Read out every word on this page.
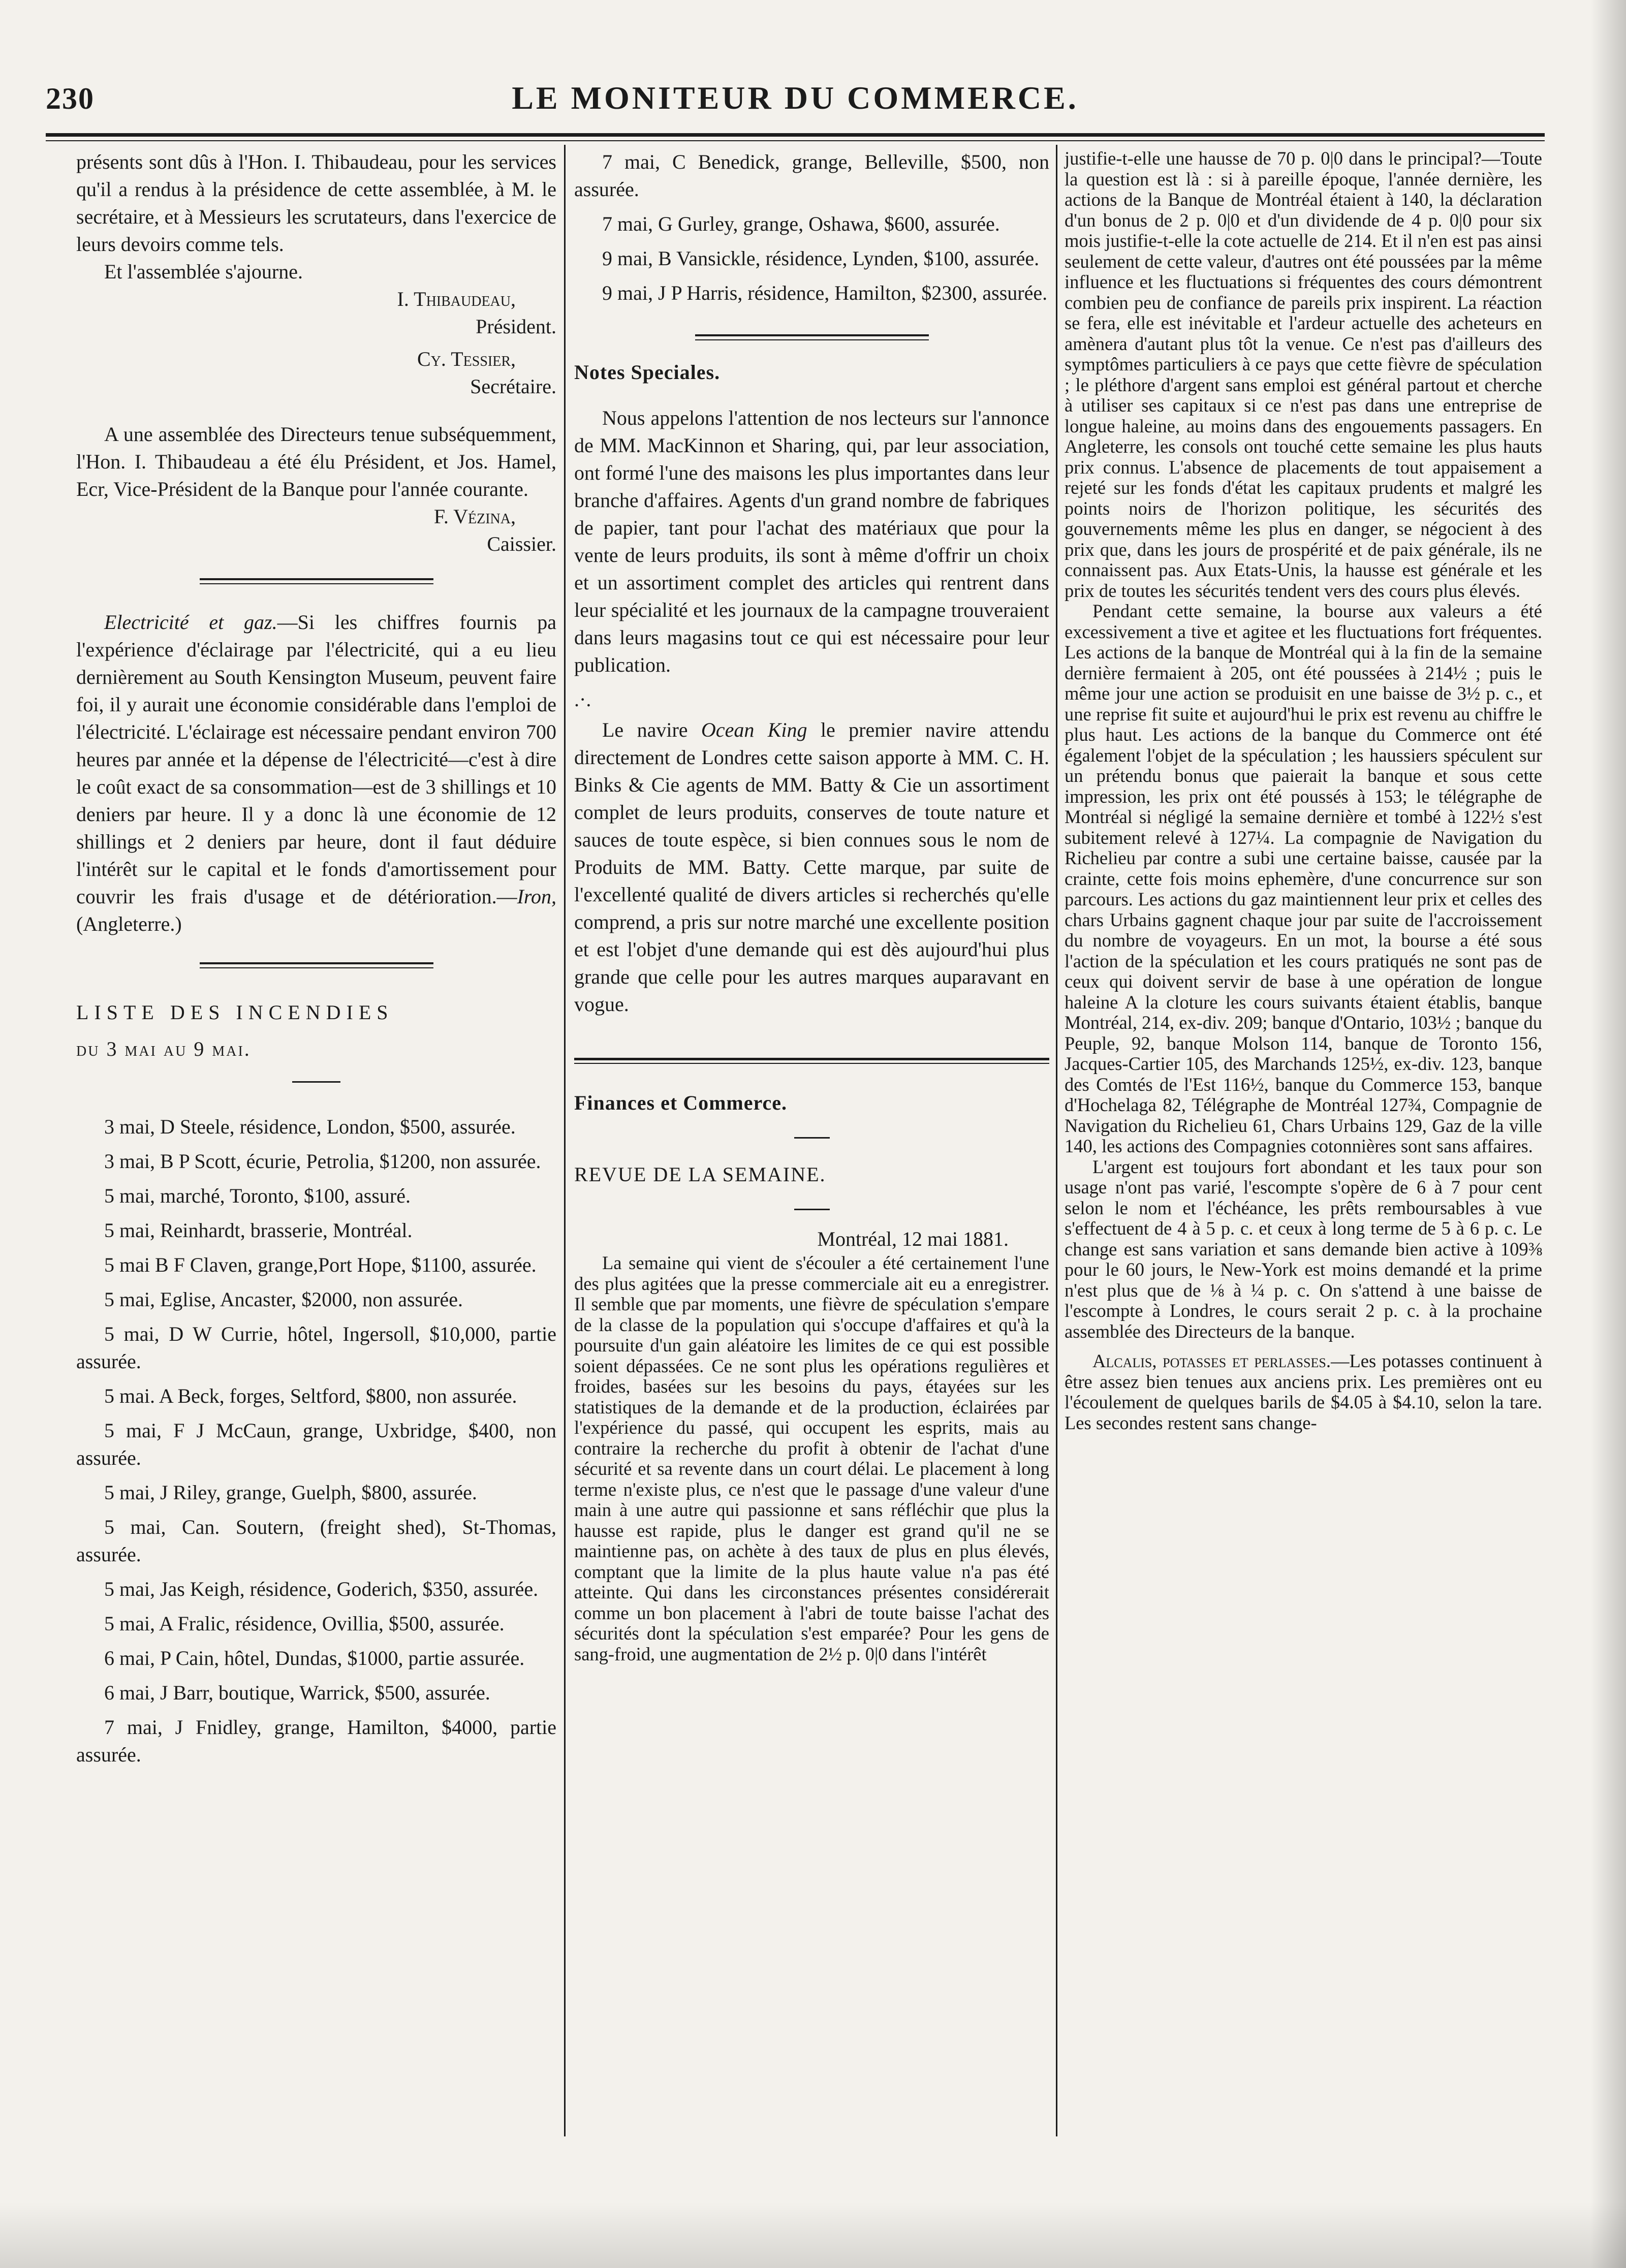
230	LE MONITEUR DU COMMERCE.

présents sont dûs à l'Hon. I. Thibaudeau, pour les services qu'il a rendus à la présidence de cette assemblée, à M. le secrétaire, et à Messieurs les scrutateurs, dans l'exercice de leurs devoirs comme tels.

Et l'assemblée s'ajourne.

I. Thibaudeau,

Président.

Cy. Tessier,

Secrétaire.

A une assemblée des Directeurs tenue subséquemment, l'Hon. I. Thibaudeau a été élu Président, et Jos. Hamel, Ecr, Vice-Président de la Banque pour l'année courante.

F. Vézina,

Caissier.

Electricité et gaz.—Si les chiffres fournis pa l'expérience d'éclairage par l'électricité, qui a eu lieu dernièrement au South Kensington Museum, peuvent faire foi, il y aurait une économie considérable dans l'emploi de l'électricité. L'éclairage est nécessaire pendant environ 700 heures par année et la dépense de l'électricité—c'est à dire le coût exact de sa consommation—est de 3 shillings et 10 deniers par heure. Il y a donc là une économie de 12 shillings et 2 deniers par heure, dont il faut déduire l'intérêt sur le capital et le fonds d'amortissement pour couvrir les frais d'usage et de détérioration.—Iron, (Angleterre.)

LISTE DES INCENDIES

du 3 mai au 9 mai.

3 mai, D Steele, résidence, London, $500, assurée.

3 mai, B P Scott, écurie, Petrolia, $1200, non assurée.

5 mai, marché, Toronto, $100, assuré.

5 mai, Reinhardt, brasserie, Montréal.

5 mai B F Claven, grange,Port Hope, $1100, assurée.

5 mai, Eglise, Ancaster, $2000, non assurée.

5 mai, D W Currie, hôtel, Ingersoll, $10,000, partie assurée.

5 mai. A Beck, forges, Seltford, $800, non assurée.

5 mai, F J McCaun, grange, Uxbridge, $400, non assurée.

5 mai, J Riley, grange, Guelph, $800, assurée.

5 mai, Can. Soutern, (freight shed), St-Thomas, assurée.

5 mai, Jas Keigh, résidence, Goderich, $350, assurée.

5 mai, A Fralic, résidence, Ovillia, $500, assurée.

6 mai, P Cain, hôtel, Dundas, $1000, partie assurée.

6 mai, J Barr, boutique, Warrick, $500, assurée.

7 mai, J Fnidley, grange, Hamilton, $4000, partie assurée.

7 mai, C Benedick, grange, Belleville, $500, non assurée.

7 mai, G Gurley, grange, Oshawa, $600, assurée.

9 mai, B Vansickle, résidence, Lynden, $100, assurée.

9 mai, J P Harris, résidence, Hamilton, $2300, assurée.

Notes Speciales.

Nous appelons l'attention de nos lecteurs sur l'annonce de MM. MacKinnon et Sharing, qui, par leur association, ont formé l'une des maisons les plus importantes dans leur branche d'affaires. Agents d'un grand nombre de fabriques de papier, tant pour l'achat des matériaux que pour la vente de leurs produits, ils sont à même d'offrir un choix et un assortiment complet des articles qui rentrent dans leur spécialité et les journaux de la campagne trouveraient dans leurs magasins tout ce qui est nécessaire pour leur publication.

.·.

Le navire Ocean King le premier navire attendu directement de Londres cette saison apporte à MM. C. H. Binks & Cie agents de MM. Batty & Cie un assortiment complet de leurs produits, conserves de toute nature et sauces de toute espèce, si bien connues sous le nom de Produits de MM. Batty. Cette marque, par suite de l'excellenté qualité de divers articles si recherchés qu'elle comprend, a pris sur notre marché une excellente position et est l'objet d'une demande qui est dès aujourd'hui plus grande que celle pour les autres marques auparavant en vogue.

Finances et Commerce.

REVUE DE LA SEMAINE.

Montréal, 12 mai 1881.

La semaine qui vient de s'écouler a été certainement l'une des plus agitées que la presse commerciale ait eu a enregistrer. Il semble que par moments, une fièvre de spéculation s'empare de la classe de la population qui s'occupe d'affaires et qu'à la poursuite d'un gain aléatoire les limites de ce qui est possible soient dépassées. Ce ne sont plus les opérations regulières et froides, basées sur les besoins du pays, étayées sur les statistiques de la demande et de la production, éclairées par l'expérience du passé, qui occupent les esprits, mais au contraire la recherche du profit à obtenir de l'achat d'une sécurité et sa revente dans un court délai. Le placement à long terme n'existe plus, ce n'est que le passage d'une valeur d'une main à une autre qui passionne et sans réfléchir que plus la hausse est rapide, plus le danger est grand qu'il ne se maintienne pas, on achète à des taux de plus en plus élevés, comptant que la limite de la plus haute value n'a pas été atteinte. Qui dans les circonstances présentes considérerait comme un bon placement à l'abri de toute baisse l'achat des sécurités dont la spéculation s'est emparée? Pour les gens de sang-froid, une augmentation de 2½ p. 0|0 dans l'intérêt

justifie-t-elle une hausse de 70 p. 0|0 dans le principal?—Toute la question est là : si à pareille époque, l'année dernière, les actions de la Banque de Montréal étaient à 140, la déclaration d'un bonus de 2 p. 0|0 et d'un dividende de 4 p. 0|0 pour six mois justifie-t-elle la cote actuelle de 214. Et il n'en est pas ainsi seulement de cette valeur, d'autres ont été poussées par la même influence et les fluctuations si fréquentes des cours démontrent combien peu de confiance de pareils prix inspirent. La réaction se fera, elle est inévitable et l'ardeur actuelle des acheteurs en amènera d'autant plus tôt la venue. Ce n'est pas d'ailleurs des symptômes particuliers à ce pays que cette fièvre de spéculation ; le pléthore d'argent sans emploi est général partout et cherche à utiliser ses capitaux si ce n'est pas dans une entreprise de longue haleine, au moins dans des engouements passagers. En Angleterre, les consols ont touché cette semaine les plus hauts prix connus. L'absence de placements de tout appaisement a rejeté sur les fonds d'état les capitaux prudents et malgré les points noirs de l'horizon politique, les sécurités des gouvernements même les plus en danger, se négocient à des prix que, dans les jours de prospérité et de paix générale, ils ne connaissent pas. Aux Etats-Unis, la hausse est générale et les prix de toutes les sécurités tendent vers des cours plus élevés.

Pendant cette semaine, la bourse aux valeurs a été excessivement a tive et agitee et les fluctuations fort fréquentes. Les actions de la banque de Montréal qui à la fin de la semaine dernière fermaient à 205, ont été poussées à 214½ ; puis le même jour une action se produisit en une baisse de 3½ p. c., et une reprise fit suite et aujourd'hui le prix est revenu au chiffre le plus haut. Les actions de la banque du Commerce ont été également l'objet de la spéculation ; les haussiers spéculent sur un prétendu bonus que paierait la banque et sous cette impression, les prix ont été poussés à 153; le télégraphe de Montréal si négligé la semaine dernière et tombé à 122½ s'est subitement relevé à 127¼. La compagnie de Navigation du Richelieu par contre a subi une certaine baisse, causée par la crainte, cette fois moins ephemère, d'une concurrence sur son parcours. Les actions du gaz maintiennent leur prix et celles des chars Urbains gagnent chaque jour par suite de l'accroissement du nombre de voyageurs. En un mot, la bourse a été sous l'action de la spéculation et les cours pratiqués ne sont pas de ceux qui doivent servir de base à une opération de longue haleine A la cloture les cours suivants étaient établis, banque Montréal, 214, ex-div. 209; banque d'Ontario, 103½ ; banque du Peuple, 92, banque Molson 114, banque de Toronto 156, Jacques-Cartier 105, des Marchands 125½, ex-div. 123, banque des Comtés de l'Est 116½, banque du Commerce 153, banque d'Hochelaga 82, Télégraphe de Montréal 127¾, Compagnie de Navigation du Richelieu 61, Chars Urbains 129, Gaz de la ville 140, les actions des Compagnies cotonnières sont sans affaires.

L'argent est toujours fort abondant et les taux pour son usage n'ont pas varié, l'escompte s'opère de 6 à 7 pour cent selon le nom et l'échéance, les prêts remboursables à vue s'effectuent de 4 à 5 p. c. et ceux à long terme de 5 à 6 p. c. Le change est sans variation et sans demande bien active à 109⅜ pour le 60 jours, le New-York est moins demandé et la prime n'est plus que de ⅛ à ¼ p. c. On s'attend à une baisse de l'escompte à Londres, le cours serait 2 p. c. à la prochaine assemblée des Directeurs de la banque.

Alcalis, potasses et perlasses.—Les potasses continuent à être assez bien tenues aux anciens prix. Les premières ont eu l'écoulement de quelques barils de $4.05 à $4.10, selon la tare. Les secondes restent sans change-
